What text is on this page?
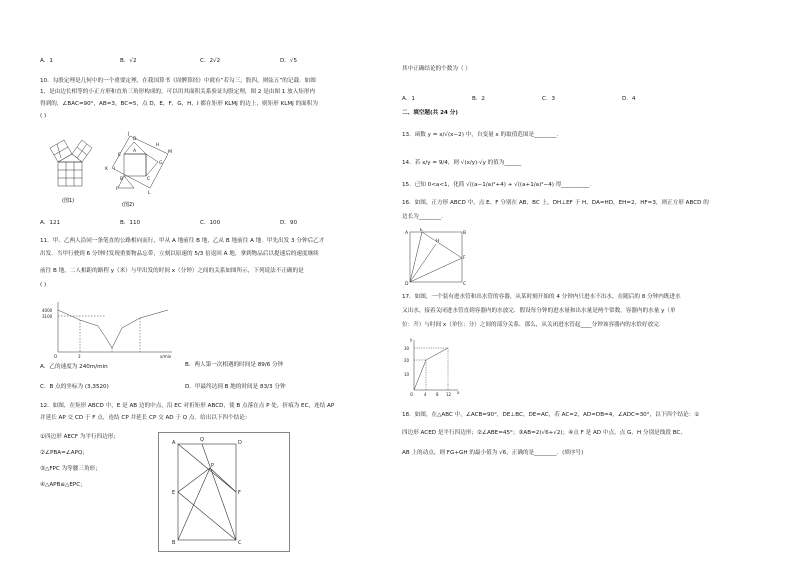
A．1	B．√2	C．2√2	D．√5
10．勾股定理是几何中的一个重要定理，在我国算书《周髀算经》中就有“若勾三，股四，则弦五”的记载．如图
1，是由边长相等的小正方形和直角三角形构成的，可以用其面积关系验证勾股定理，图 2 是由图 1 放入矩形内
得到的，∠BAC=90°，AB=3，BC=5，点 D，E，F，G，H，I 都在矩形 KLMJ 的边上，则矩形 KLMJ 的面积为
( )
(图1)
J
D
H
M
E
G
I
K
F
L
A
B	C
(图2)
A．121	B．110	C．100	D．90
11．甲、乙两人沿同一条笔直的公路相向而行，甲从 A 地前往 B 地，乙从 B 地前往 A 地．甲先出发 3 分钟后乙才
出发．当甲行驶到 6 分钟时发现重要物品忘带，立刻以原速的 5/3 倍返回 A 地，拿到物品后以提速后的速度继续
前往 B 地，二人相距的路程 y（米）与甲出发的时间 x（分钟）之间的关系如图所示，下列说法不正确的是
( )
4000
3100
O	3	x/min
A．乙的速度为 240m/min	B．两人第一次相遇的时间是 89/6 分钟
C．B 点的坐标为 (3,3520)	D．甲最终达到 B 地的时间是 83/3 分钟
12．如图，在矩形 ABCD 中，E 是 AB 边的中点，沿 EC 对折矩形 ABCD，使 B 点落在点 P 处，折痕为 EC，连结 AP
并延长 AP 交 CD 于 F 点，连结 CP 并延长 CP 交 AD 于 Q 点．给出以下四个结论：
①四边形 AECF 为平行四边形；
②∠PBA=∠APQ；
③△FPC 为等腰三角形；
④△APB≌△EPC；
A	Q	D
P
E	F
B	C
其中正确结论的个数为（ ）
A．1	B．2	C．3	D．4
二、填空题(共 24 分)
13．函数 y = x/√(x−2) 中，自变量 x 的取值范围是________.
14．若 x/y = 9/4，则 √(x/y)·√y 的值为______
15．已知 0<a<1，化简 √((a−1/a)²+4) + √((a+1/a)²−4) 得__________.
16．如图，正方形 ABCD 中，点 E、F 分别在 AB、BC 上，DH⊥EF 于 H，DA=HD，EH=2，HF=3，则正方形 ABCD 的
边长为________.
A
E
B
H
F
D	C
17．如图，一个装有进水管和出水管的容器，从某时刻开始的 4 分钟内只进水不出水，在随后的 8 分钟内既进水
又出水，接着关闭进水管直到容器内的水放完．假设每分钟的进水量和出水量是两个常数，容器内的水量 y（单
位：升）与时间 x（单位：分）之间的部分关系．那么，从关闭进水管起____分钟该容器内的水恰好放完.
y
30
20
10
O	4 8 12 x
18．如图，在△ABC 中，∠ACB=90°，DE⊥BC，DE=AC，若 AC=2，AD=DB=4，∠ADC=30°，以下四个结论：①
四边形 ACED 是平行四边形；②∠ABE=45°；③AB=2(√6+√2)；④点 F 是 AD 中点，点 G、H 分别是线段 BC、
AB 上的动点，则 FG+GH 的最小值为 √6，正确的是________．(填序号)
